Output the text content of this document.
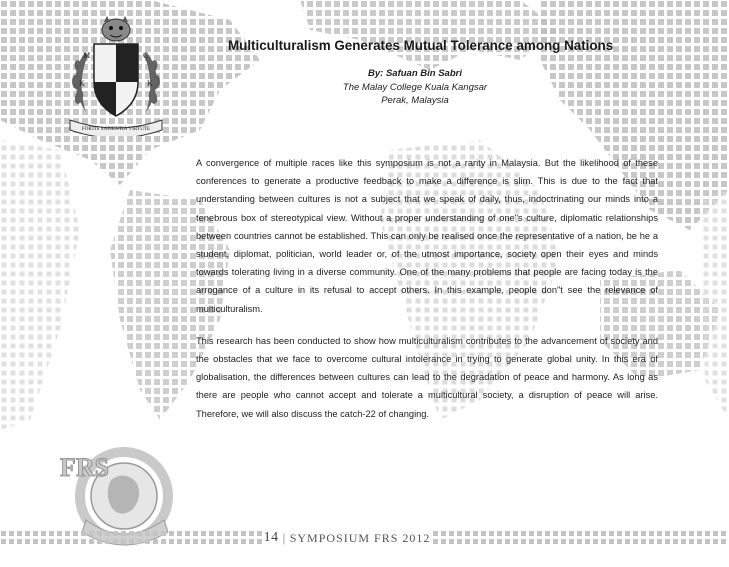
M	C
K	K
FORTIS SAPIENTIA VIRTUTE
Multiculturalism Generates Mutual Tolerance among Nations
By: Safuan Bin Sabri
The Malay College Kuala Kangsar
Perak, Malaysia

A convergence of multiple races like this symposium is not a rarity in Malaysia. But the likelihood of these conferences to generate a productive feedback to make a difference is slim. This is due to the fact that understanding between cultures is not a subject that we speak of daily, thus, indoctrinating our minds into a tenebrous box of stereotypical view. Without a proper understanding of one"s culture, diplomatic relationships between countries cannot be established. This can only be realised once the representative of a nation, be he a student, diplomat, politician, world leader or, of the utmost importance, society open their eyes and minds towards tolerating living in a diverse community. One of the many problems that people are facing today is the arrogance of a culture in its refusal to accept others. In this example, people don"t see the relevance of multiculturalism.

This research has been conducted to show how multiculturalism contributes to the advancement of society and the obstacles that we face to overcome cultural intolerance in trying to generate global unity. In this era of globalisation, the differences between cultures can lead to the degradation of peace and harmony. As long as there are people who cannot accept and tolerate a multicultural society, a disruption of peace will arise. Therefore, we will also discuss the catch-22 of changing.

FRS
14 | SYMPOSIUM FRS 2012
